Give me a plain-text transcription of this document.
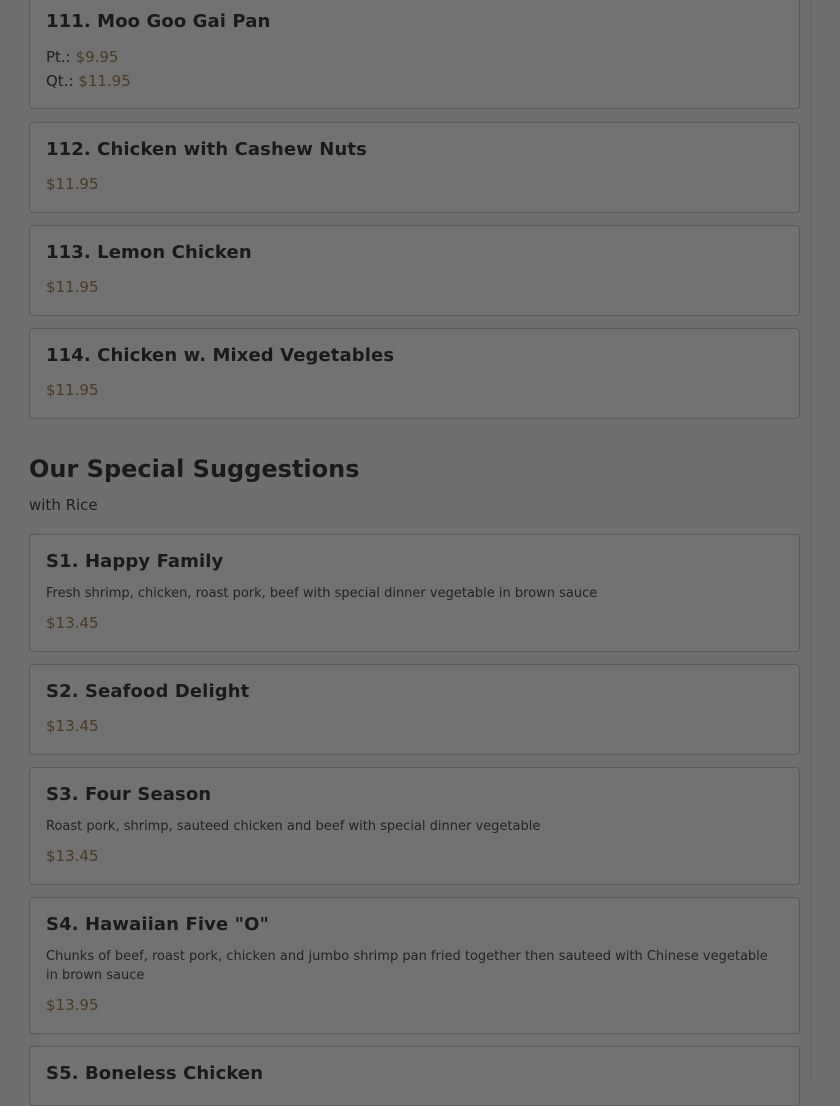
111. Moo Goo Gai Pan
Pt.: $9.95
Qt.: $11.95
112. Chicken with Cashew Nuts
$11.95
113. Lemon Chicken
$11.95
114. Chicken w. Mixed Vegetables
$11.95
Our Special Suggestions
with Rice
S1. Happy Family
Fresh shrimp, chicken, roast pork, beef with special dinner vegetable in brown sauce
$13.45
S2. Seafood Delight
$13.45
S3. Four Season
Roast pork, shrimp, sauteed chicken and beef with special dinner vegetable
$13.45
S4. Hawaiian Five "O"
Chunks of beef, roast pork, chicken and jumbo shrimp pan fried together then sauteed with Chinese vegetable in brown sauce
$13.95
S5. Boneless Chicken
